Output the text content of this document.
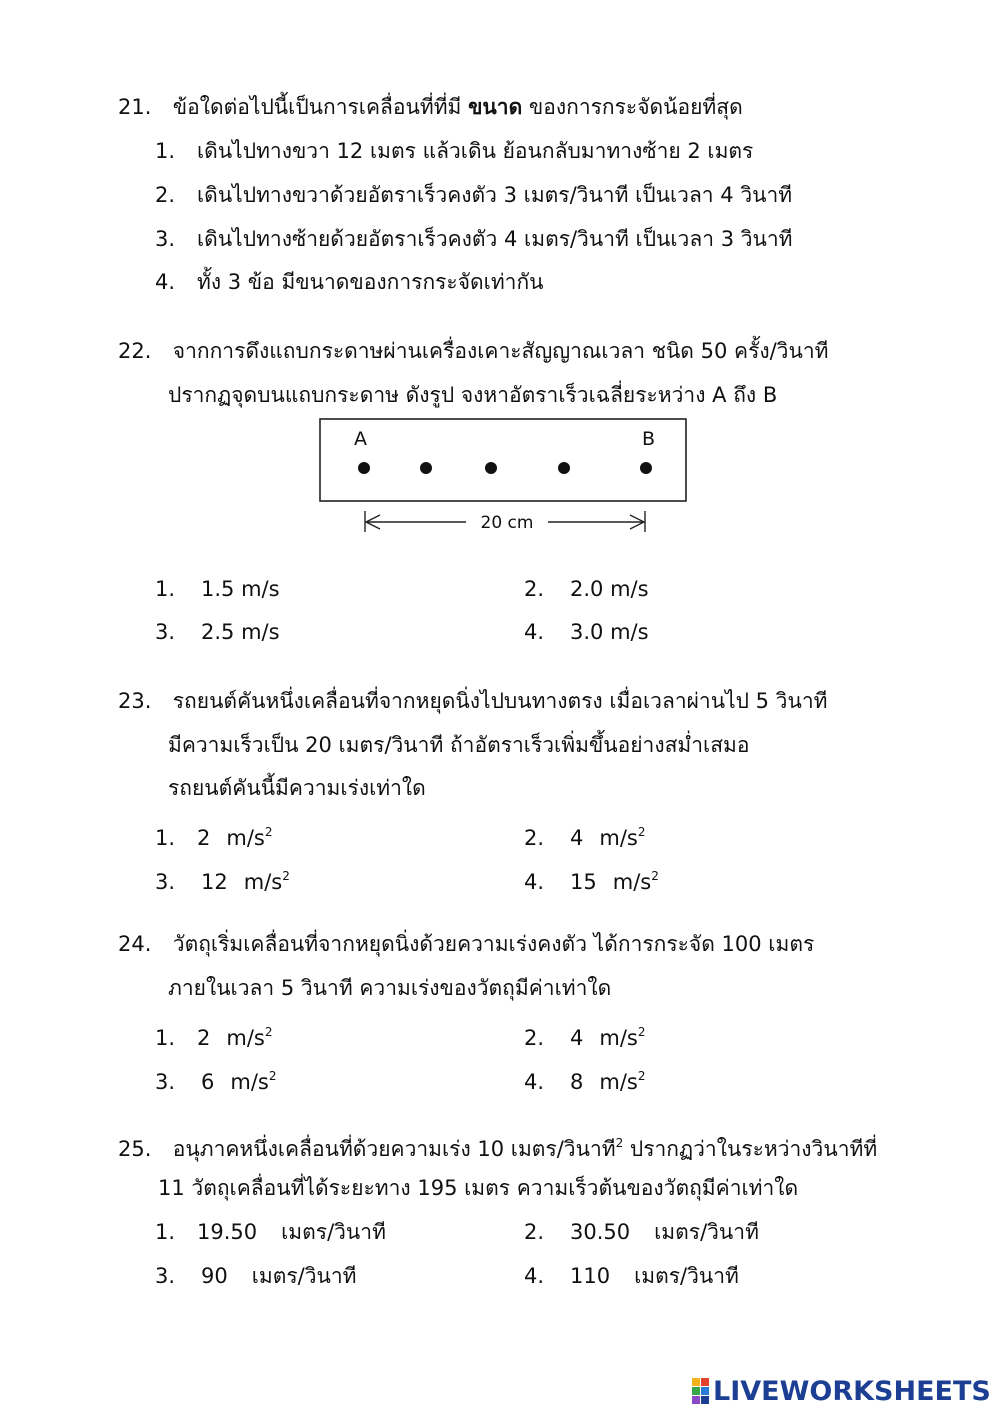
21. ข้อใดต่อไปนี้เป็นการเคลื่อนที่ที่มี ขนาด ของการกระจัดน้อยที่สุด
1. เดินไปทางขวา 12 เมตร แล้วเดิน ย้อนกลับมาทางซ้าย 2 เมตร
2. เดินไปทางขวาด้วยอัตราเร็วคงตัว 3 เมตร/วินาที เป็นเวลา 4 วินาที
3. เดินไปทางซ้ายด้วยอัตราเร็วคงตัว 4 เมตร/วินาที เป็นเวลา 3 วินาที
4. ทั้ง 3 ข้อ มีขนาดของการกระจัดเท่ากัน
22. จากการดึงแถบกระดาษผ่านเครื่องเคาะสัญญาณเวลา ชนิด 50 ครั้ง/วินาที
ปรากฏจุดบนแถบกระดาษ ดังรูป จงหาอัตราเร็วเฉลี่ยระหว่าง A ถึง B
A	B
20 cm
1. 1.5 m/s	2. 2.0 m/s
3. 2.5 m/s	4. 3.0 m/s
23. รถยนต์คันหนึ่งเคลื่อนที่จากหยุดนิ่งไปบนทางตรง เมื่อเวลาผ่านไป 5 วินาที
มีความเร็วเป็น 20 เมตร/วินาที ถ้าอัตราเร็วเพิ่มขึ้นอย่างสม่ำเสมอ
รถยนต์คันนี้มีความเร่งเท่าใด
1. 2 $m/s^2$	2. 4 $m/s^2$
3. 12 $m/s^2$	4. 15 $m/s^2$
24. วัตถุเริ่มเคลื่อนที่จากหยุดนิ่งด้วยความเร่งคงตัว ได้การกระจัด 100 เมตร
ภายในเวลา 5 วินาที ความเร่งของวัตถุมีค่าเท่าใด
1. 2 $m/s^2$	2. 4 $m/s^2$
3. 6 $m/s^2$	4. 8 $m/s^2$
25. อนุภาคหนึ่งเคลื่อนที่ด้วยความเร่ง 10 เมตร/วินาที$^2$ ปรากฏว่าในระหว่างวินาทีที่
11 วัตถุเคลื่อนที่ได้ระยะทาง 195 เมตร ความเร็วต้นของวัตถุมีค่าเท่าใด
1. 19.50 เมตร/วินาที	2. 30.50 เมตร/วินาที
3. 90 เมตร/วินาที	4. 110 เมตร/วินาที
LIVEWORKSHEETS
